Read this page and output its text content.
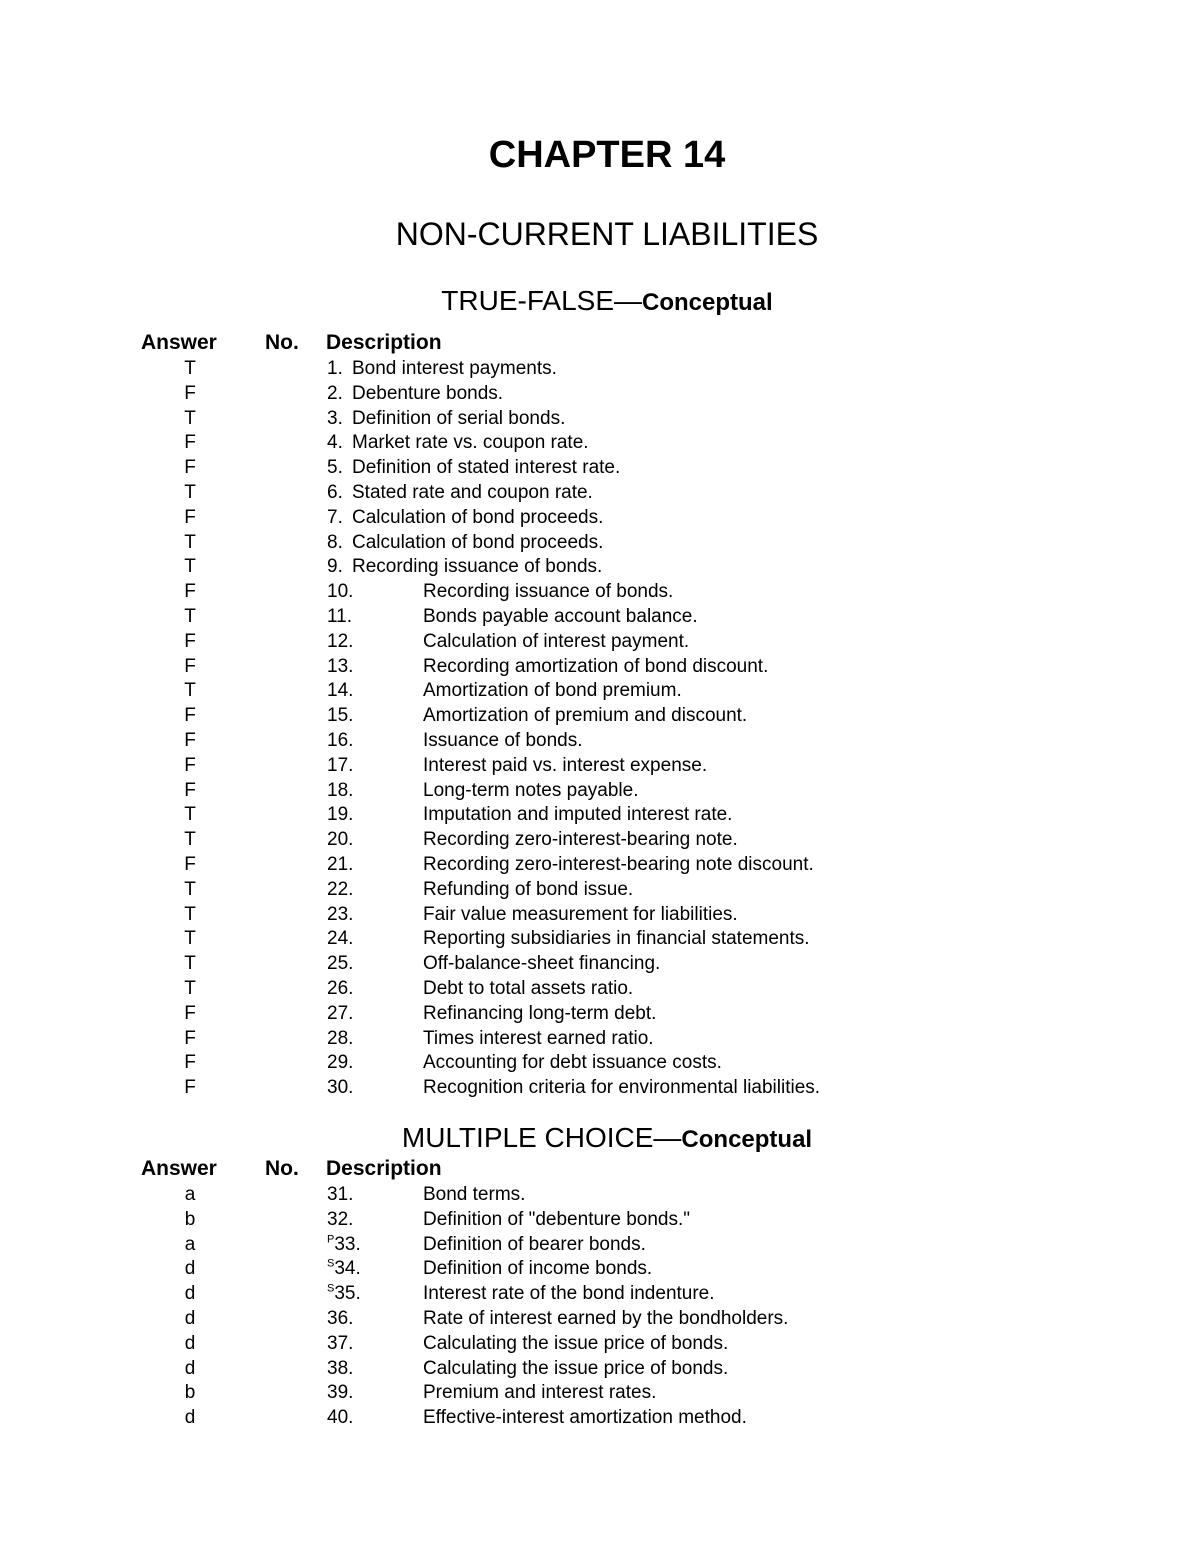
CHAPTER 14
NON-CURRENT LIABILITIES
TRUE-FALSE—Conceptual
Answer No. Description
T	1. Bond interest payments.
F	2. Debenture bonds.
T	3. Definition of serial bonds.
F	4. Market rate vs. coupon rate.
F	5. Definition of stated interest rate.
T	6. Stated rate and coupon rate.
F	7. Calculation of bond proceeds.
T	8. Calculation of bond proceeds.
T	9. Recording issuance of bonds.
F	10.	Recording issuance of bonds.
T	11.	Bonds payable account balance.
F	12.	Calculation of interest payment.
F	13.	Recording amortization of bond discount.
T	14.	Amortization of bond premium.
F	15.	Amortization of premium and discount.
F	16.	Issuance of bonds.
F	17.	Interest paid vs. interest expense.
F	18.	Long-term notes payable.
T	19.	Imputation and imputed interest rate.
T	20.	Recording zero-interest-bearing note.
F	21.	Recording zero-interest-bearing note discount.
T	22.	Refunding of bond issue.
T	23.	Fair value measurement for liabilities.
T	24.	Reporting subsidiaries in financial statements.
T	25.	Off-balance-sheet financing.
T	26.	Debt to total assets ratio.
F	27.	Refinancing long-term debt.
F	28.	Times interest earned ratio.
F	29.	Accounting for debt issuance costs.
F	30.	Recognition criteria for environmental liabilities.
MULTIPLE CHOICE—Conceptual
Answer No. Description
a	31.	Bond terms.
b	32.	Definition of "debenture bonds."
a	$^P$33.	Definition of bearer bonds.
d	$^S$34.	Definition of income bonds.
d	$^S$35.	Interest rate of the bond indenture.
d	36.	Rate of interest earned by the bondholders.
d	37.	Calculating the issue price of bonds.
d	38.	Calculating the issue price of bonds.
b	39.	Premium and interest rates.
d	40.	Effective-interest amortization method.
